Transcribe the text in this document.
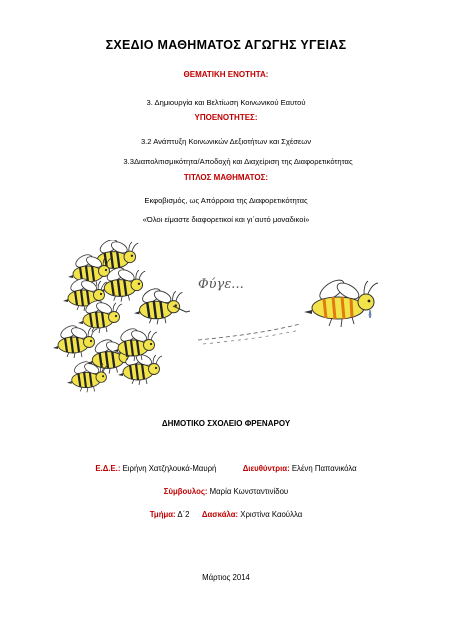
ΣΧΕΔΙΟ ΜΑΘΗΜΑΤΟΣ ΑΓΩΓΗΣ ΥΓΕΙΑΣ
ΘΕΜΑΤΙΚΗ ΕΝΟΤΗΤΑ:
3. Δημιουργία και Βελτίωση Κοινωνικού Εαυτού
ΥΠΟΕΝΟΤΗΤΕΣ:
3.2 Ανάπτυξη Κοινωνικών Δεξιοτήτων και Σχέσεων
3.3Διαπολιτισμικότητα/Αποδοχή και Διαχείριση της Διαφορετικότητας
ΤΙΤΛΟΣ ΜΑΘΗΜΑΤΟΣ:
Εκφοβισμός, ως Απόρροια της Διαφορετικότητας
«Όλοι είμαστε διαφορετικοί και γι΄αυτό μοναδικοί»
Φύγε...
ΔΗΜΟΤΙΚΟ ΣΧΟΛΕΙΟ ΦΡΕΝΑΡΟΥ
Ε.Δ.Ε.: Ειρήνη Χατζηλουκά-Μαυρή	Διευθύντρια: Ελένη Παπανικόλα
Σύμβουλος: Μαρία Κωνσταντινίδου
Τμήμα: Δ΄2 Δασκάλα: Χριστίνα Καούλλα
Μάρτιος 2014
